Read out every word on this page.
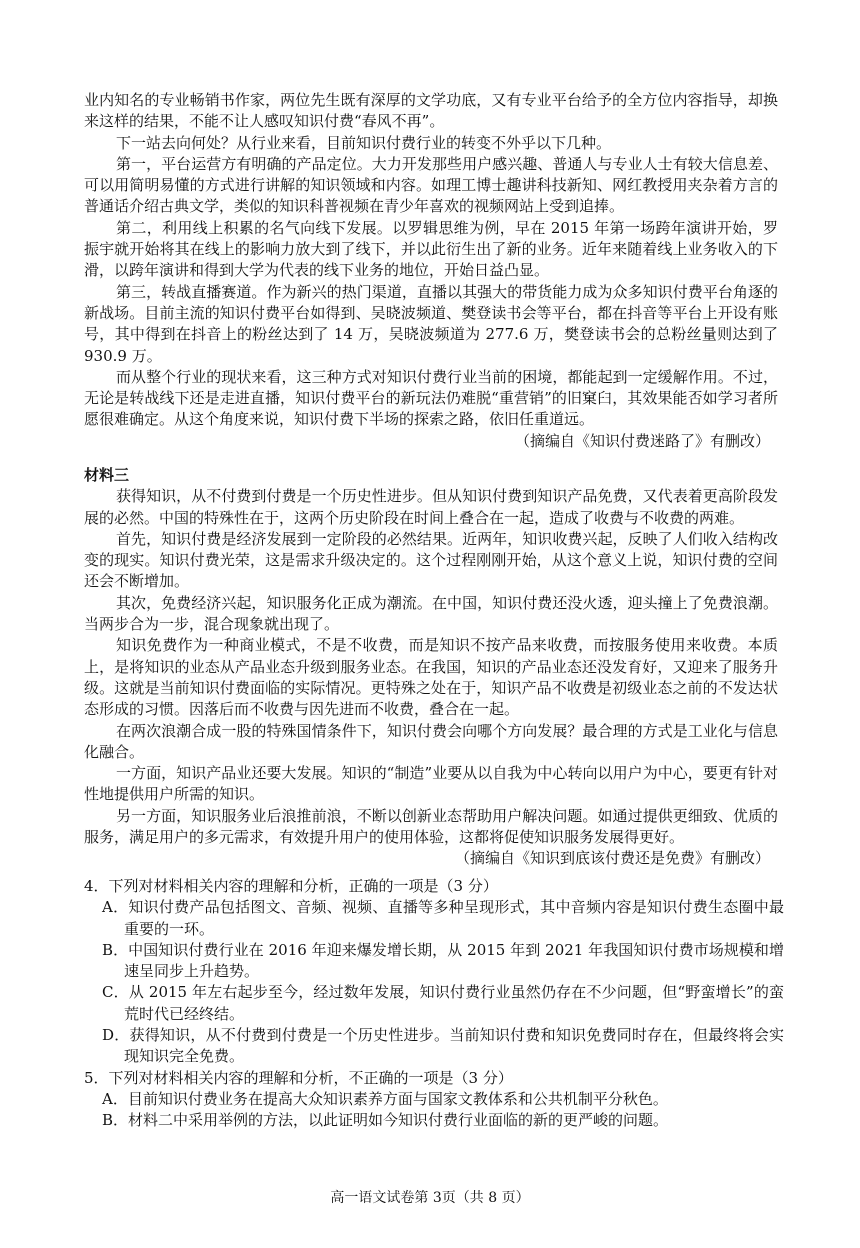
业内知名的专业畅销书作家，两位先生既有深厚的文学功底，又有专业平台给予的全方位内容指导，却换来这样的结果，不能不让人感叹知识付费“春风不再”。

下一站去向何处？从行业来看，目前知识付费行业的转变不外乎以下几种。

第一，平台运营方有明确的产品定位。大力开发那些用户感兴趣、普通人与专业人士有较大信息差、可以用简明易懂的方式进行讲解的知识领域和内容。如理工博士趣讲科技新知、网红教授用夹杂着方言的普通话介绍古典文学，类似的知识科普视频在青少年喜欢的视频网站上受到追捧。

第二，利用线上积累的名气向线下发展。以罗辑思维为例，早在 2015 年第一场跨年演讲开始，罗振宇就开始将其在线上的影响力放大到了线下，并以此衍生出了新的业务。近年来随着线上业务收入的下滑，以跨年演讲和得到大学为代表的线下业务的地位，开始日益凸显。

第三，转战直播赛道。作为新兴的热门渠道，直播以其强大的带货能力成为众多知识付费平台角逐的新战场。目前主流的知识付费平台如得到、吴晓波频道、樊登读书会等平台，都在抖音等平台上开设有账号，其中得到在抖音上的粉丝达到了 14 万，吴晓波频道为 277.6 万，樊登读书会的总粉丝量则达到了 930.9 万。

而从整个行业的现状来看，这三种方式对知识付费行业当前的困境，都能起到一定缓解作用。不过，无论是转战线下还是走进直播，知识付费平台的新玩法仍难脱“重营销”的旧窠臼，其效果能否如学习者所愿很难确定。从这个角度来说，知识付费下半场的探索之路，依旧任重道远。

（摘编自《知识付费迷路了》有删改）

材料三

获得知识，从不付费到付费是一个历史性进步。但从知识付费到知识产品免费，又代表着更高阶段发展的必然。中国的特殊性在于，这两个历史阶段在时间上叠合在一起，造成了收费与不收费的两难。

首先，知识付费是经济发展到一定阶段的必然结果。近两年，知识收费兴起，反映了人们收入结构改变的现实。知识付费光荣，这是需求升级决定的。这个过程刚刚开始，从这个意义上说，知识付费的空间还会不断增加。

其次，免费经济兴起，知识服务化正成为潮流。在中国，知识付费还没火透，迎头撞上了免费浪潮。当两步合为一步，混合现象就出现了。

知识免费作为一种商业模式，不是不收费，而是知识不按产品来收费，而按服务使用来收费。本质上，是将知识的业态从产品业态升级到服务业态。在我国，知识的产品业态还没发育好，又迎来了服务升级。这就是当前知识付费面临的实际情况。更特殊之处在于，知识产品不收费是初级业态之前的不发达状态形成的习惯。因落后而不收费与因先进而不收费，叠合在一起。

在两次浪潮合成一股的特殊国情条件下，知识付费会向哪个方向发展？最合理的方式是工业化与信息化融合。

一方面，知识产品业还要大发展。知识的“制造”业要从以自我为中心转向以用户为中心，要更有针对性地提供用户所需的知识。

另一方面，知识服务业后浪推前浪，不断以创新业态帮助用户解决问题。如通过提供更细致、优质的服务，满足用户的多元需求，有效提升用户的使用体验，这都将促使知识服务发展得更好。

（摘编自《知识到底该付费还是免费》有删改）

4．下列对材料相关内容的理解和分析，正确的一项是（3 分）

A．知识付费产品包括图文、音频、视频、直播等多种呈现形式，其中音频内容是知识付费生态圈中最重要的一环。

B．中国知识付费行业在 2016 年迎来爆发增长期，从 2015 年到 2021 年我国知识付费市场规模和增速呈同步上升趋势。

C．从 2015 年左右起步至今，经过数年发展，知识付费行业虽然仍存在不少问题，但“野蛮增长”的蛮荒时代已经终结。

D．获得知识，从不付费到付费是一个历史性进步。当前知识付费和知识免费同时存在，但最终将会实现知识完全免费。

5．下列对材料相关内容的理解和分析，不正确的一项是（3 分）

A．目前知识付费业务在提高大众知识素养方面与国家文教体系和公共机制平分秋色。

B．材料二中采用举例的方法，以此证明如今知识付费行业面临的新的更严峻的问题。

高一语文试卷第 3页（共 8 页）
